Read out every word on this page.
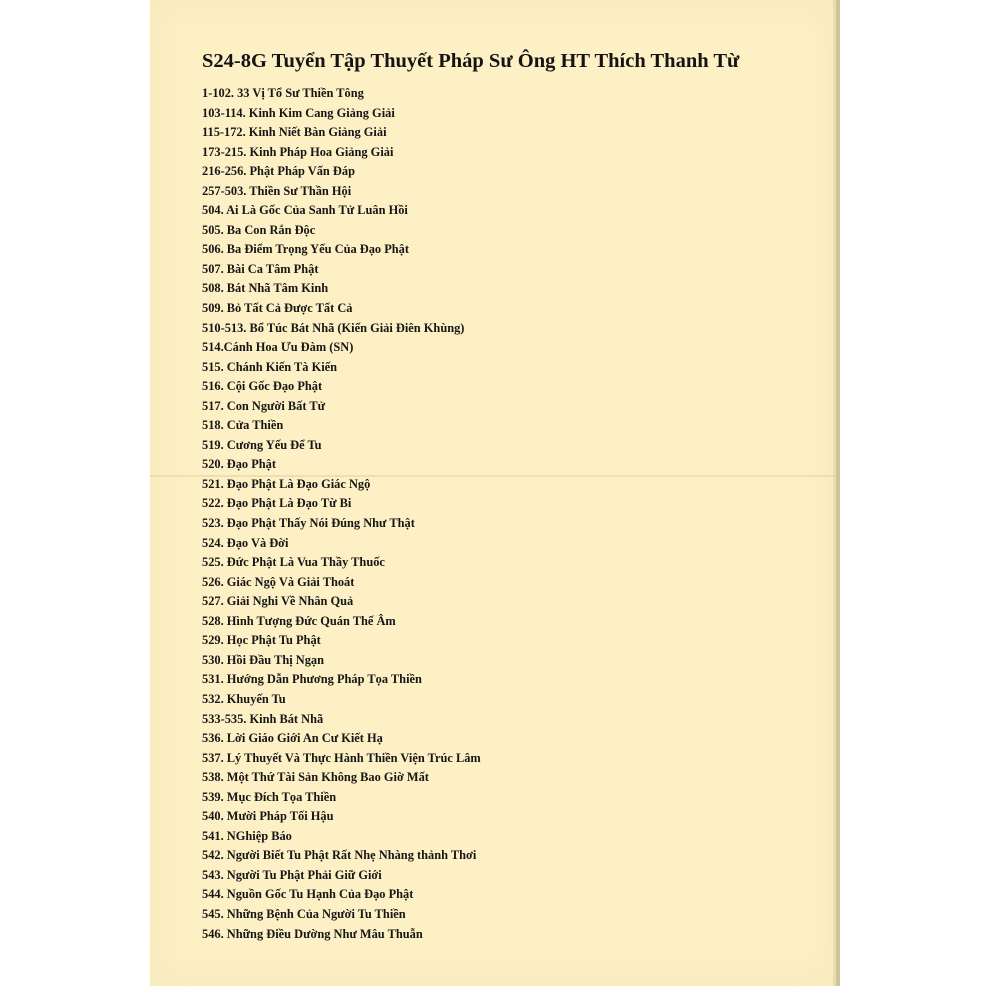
S24-8G Tuyển Tập Thuyết Pháp Sư Ông HT Thích Thanh Từ
1-102. 33 Vị Tổ Sư Thiền Tông
103-114. Kinh Kim Cang Giảng Giải
115-172. Kinh Niết Bàn Giảng Giải
173-215. Kinh Pháp Hoa Giảng Giải
216-256. Phật Pháp Vấn Đáp
257-503. Thiền Sư Thần Hội
504. Ai Là Gốc Của Sanh Tử Luân Hồi
505. Ba Con Rắn Độc
506. Ba Điểm Trọng Yếu Của Đạo Phật
507. Bài Ca Tâm Phật
508. Bát Nhã Tâm Kinh
509. Bỏ Tất Cả Được Tất Cả
510-513. Bổ Túc Bát Nhã (Kiến Giải Điên Khùng)
514.Cánh Hoa Ưu Đàm (SN)
515. Chánh Kiến Tà Kiến
516. Cội Gốc Đạo Phật
517. Con Người Bất Tử
518. Cửa Thiền
519. Cương Yếu Để Tu
520. Đạo Phật
521. Đạo Phật Là Đạo Giác Ngộ
522. Đạo Phật Là Đạo Từ Bi
523. Đạo Phật Thấy Nói Đúng Như Thật
524. Đạo Và Đời
525. Đức Phật Là Vua Thầy Thuốc
526. Giác Ngộ Và Giải Thoát
527. Giải Nghi Về Nhân Quả
528. Hình Tượng Đức Quán Thế Âm
529. Học Phật Tu Phật
530. Hồi Đầu Thị Ngạn
531. Hướng Dẫn Phương Pháp Tọa Thiền
532. Khuyến Tu
533-535. Kinh Bát Nhã
536. Lời Giáo Giới An Cư Kiết Hạ
537. Lý Thuyết Và Thực Hành Thiền Viện Trúc Lâm
538. Một Thứ Tài Sản Không Bao Giờ Mất
539. Mục Đích Tọa Thiền
540. Mười Pháp Tối Hậu
541. NGhiệp Báo
542. Người Biết Tu Phật Rất Nhẹ Nhàng thảnh Thơi
543. Người Tu Phật Phải Giữ Giới
544. Nguồn Gốc Tu Hạnh Của Đạo Phật
545. Những Bệnh Của Người Tu Thiền
546. Những Điều Dường Như Mâu Thuẫn
